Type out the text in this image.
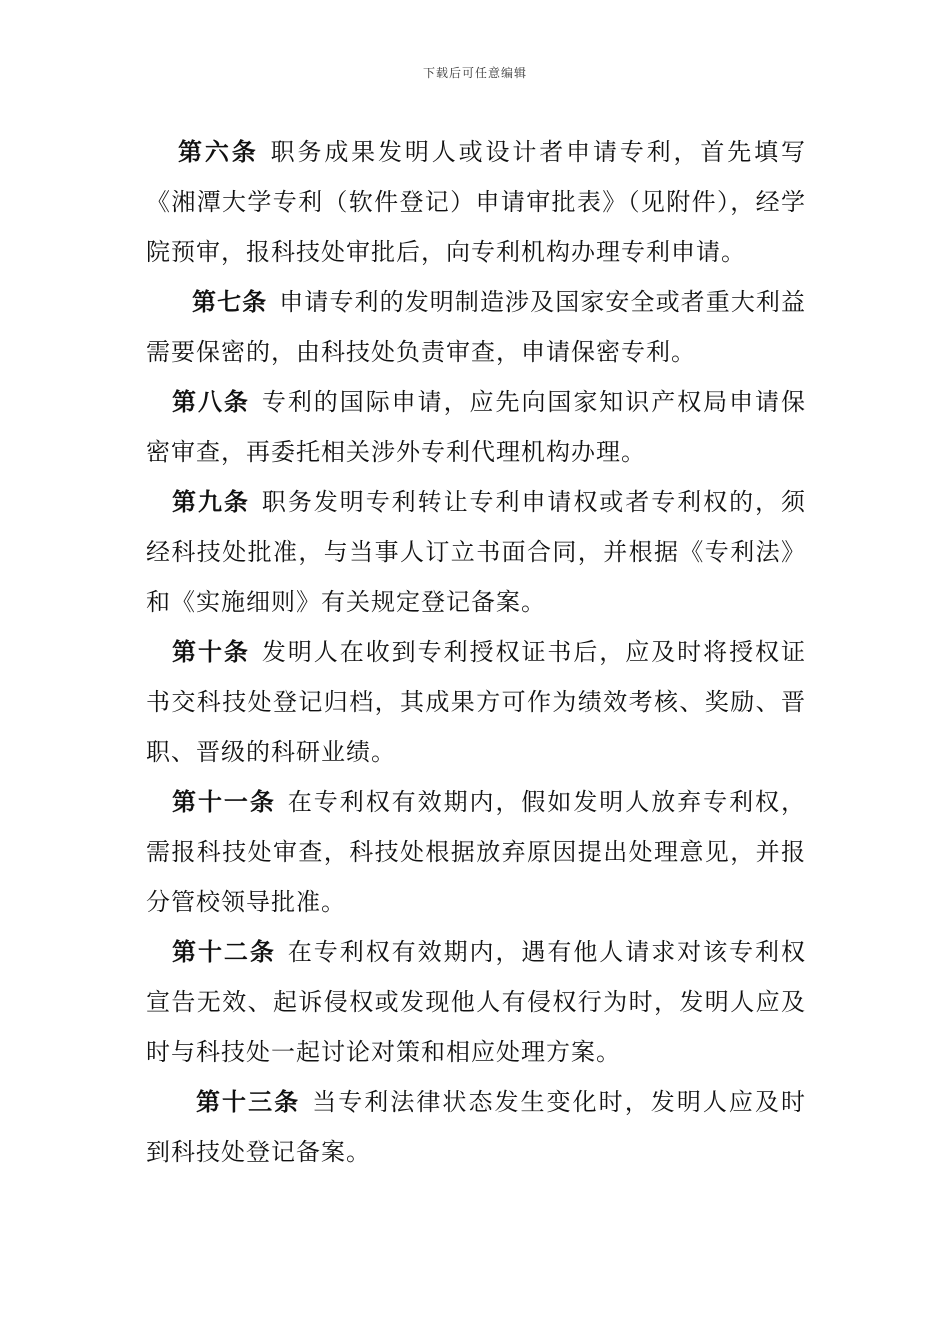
下载后可任意编辑

第六条 职务成果发明人或设计者申请专利，首先填写《湘潭大学专利（软件登记）申请审批表》（见附件），经学院预审，报科技处审批后，向专利机构办理专利申请。

第七条 申请专利的发明制造涉及国家安全或者重大利益需要保密的，由科技处负责审查，申请保密专利。

第八条 专利的国际申请，应先向国家知识产权局申请保密审查，再委托相关涉外专利代理机构办理。

第九条 职务发明专利转让专利申请权或者专利权的，须经科技处批准，与当事人订立书面合同，并根据《专利法》和《实施细则》有关规定登记备案。

第十条 发明人在收到专利授权证书后，应及时将授权证书交科技处登记归档，其成果方可作为绩效考核、奖励、晋职、晋级的科研业绩。

第十一条 在专利权有效期内，假如发明人放弃专利权，需报科技处审查，科技处根据放弃原因提出处理意见，并报分管校领导批准。

第十二条 在专利权有效期内，遇有他人请求对该专利权宣告无效、起诉侵权或发现他人有侵权行为时，发明人应及时与科技处一起讨论对策和相应处理方案。

第十三条 当专利法律状态发生变化时，发明人应及时到科技处登记备案。
